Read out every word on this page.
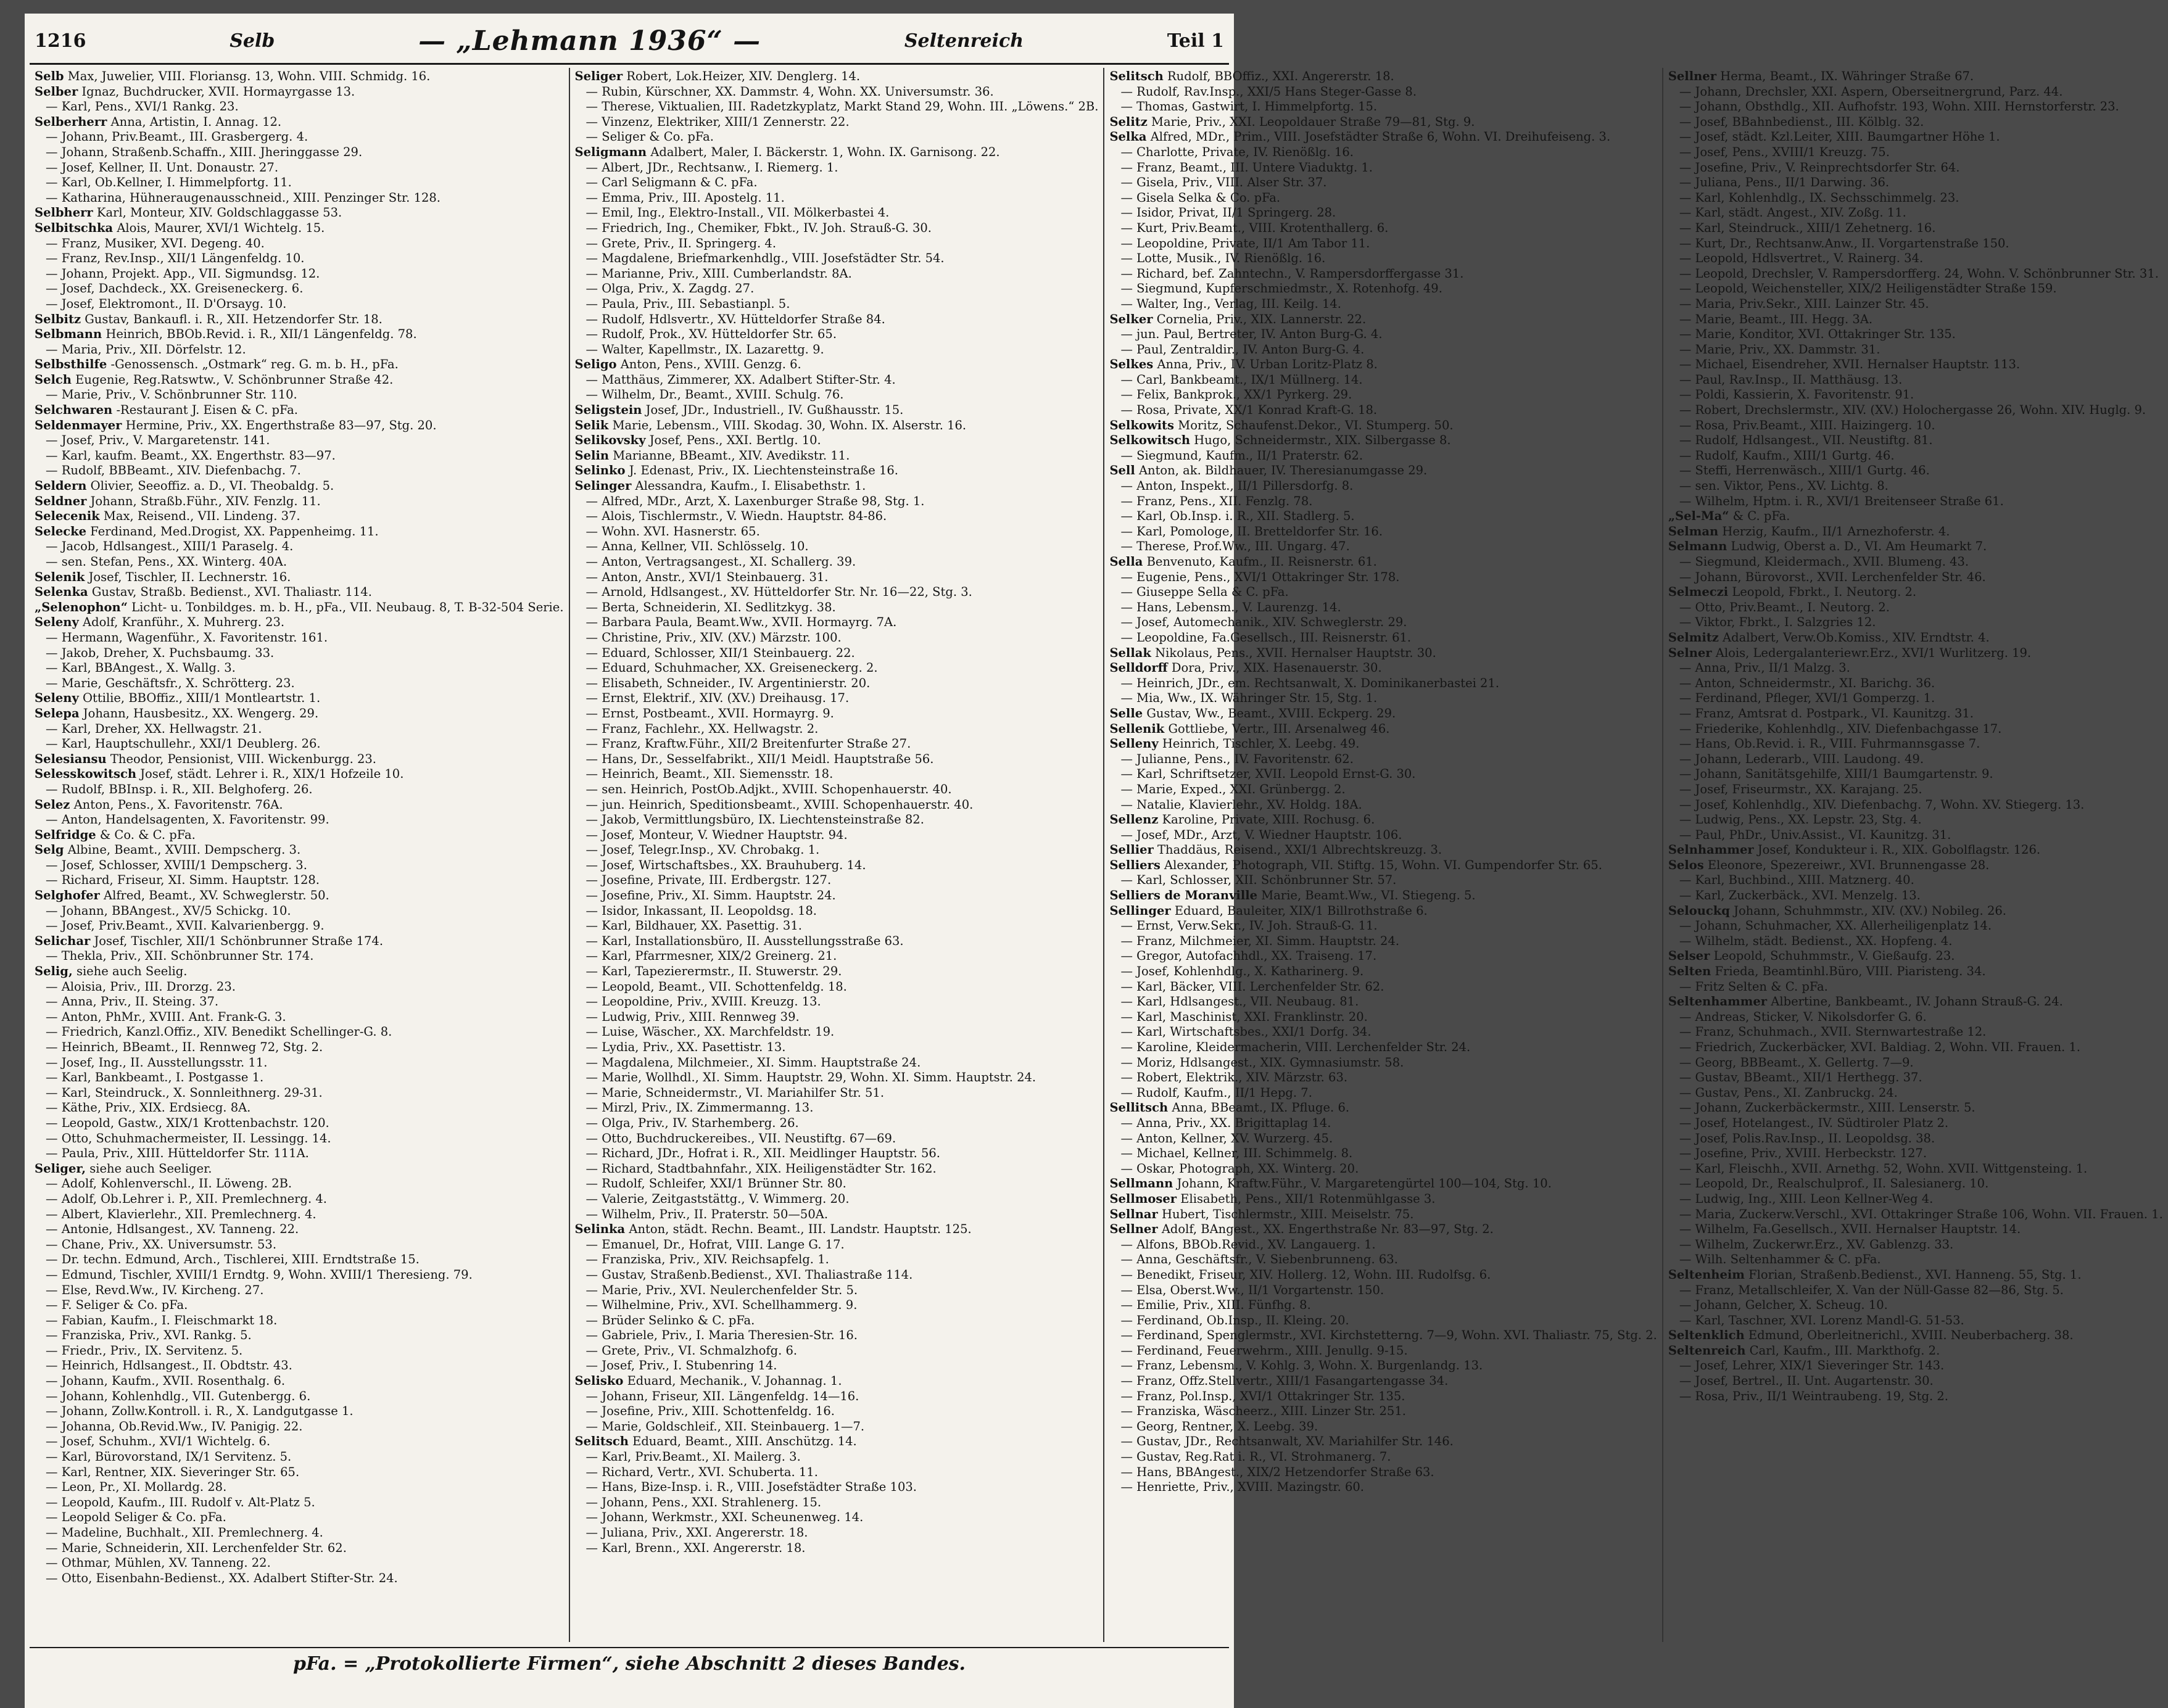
1216	Selb	— „Lehmann 1936“ —	Seltenreich	Teil 1
Selb Max, Juwelier, VIII. Floriansg. 13, Wohn. VIII. Schmidg. 16.
Selber Ignaz, Buchdrucker, XVII. Hormayrgasse 13.
— Karl, Pens., XVI/1 Rankg. 23.
Selberherr Anna, Artistin, I. Annag. 12.
— Johann, Priv.Beamt., III. Grasbergerg. 4.
— Johann, Straßenb.Schaffn., XIII. Jheringgasse 29.
— Josef, Kellner, II. Unt. Donaustr. 27.
— Karl, Ob.Kellner, I. Himmelpfortg. 11.
— Katharina, Hühneraugenausschneid., XIII. Penzinger Str. 128.
Selbherr Karl, Monteur, XIV. Goldschlaggasse 53.
Selbitschka Alois, Maurer, XVI/1 Wichtelg. 15.
— Franz, Musiker, XVI. Degeng. 40.
— Franz, Rev.Insp., XII/1 Längenfeldg. 10.
— Johann, Projekt. App., VII. Sigmundsg. 12.
— Josef, Dachdeck., XX. Greiseneckerg. 6.
— Josef, Elektromont., II. D'Orsayg. 10.
Selbitz Gustav, Bankaufl. i. R., XII. Hetzendorfer Str. 18.
Selbmann Heinrich, BBOb.Revid. i. R., XII/1 Längenfeldg. 78.
— Maria, Priv., XII. Dörfelstr. 12.
Selbsthilfe -Genossensch. „Ostmark“ reg. G. m. b. H., pFa.
Selch Eugenie, Reg.Ratswtw., V. Schönbrunner Straße 42.
— Marie, Priv., V. Schönbrunner Str. 110.
Selchwaren -Restaurant J. Eisen & C. pFa.
Seldenmayer Hermine, Priv., XX. Engerthstraße 83—97, Stg. 20.
— Josef, Priv., V. Margaretenstr. 141.
— Karl, kaufm. Beamt., XX. Engerthstr. 83—97.
— Rudolf, BBBeamt., XIV. Diefenbachg. 7.
Seldern Olivier, Seeoffiz. a. D., VI. Theobaldg. 5.
Seldner Johann, Straßb.Führ., XIV. Fenzlg. 11.
Selecenik Max, Reisend., VII. Lindeng. 37.
Selecke Ferdinand, Med.Drogist, XX. Pappenheimg. 11.
— Jacob, Hdlsangest., XIII/1 Paraselg. 4.
— sen. Stefan, Pens., XX. Winterg. 40A.
Selenik Josef, Tischler, II. Lechnerstr. 16.
Selenka Gustav, Straßb. Bedienst., XVI. Thaliastr. 114.
„Selenophon“ Licht- u. Tonbildges. m. b. H., pFa., VII. Neubaug. 8, T. B-32-504 Serie.
Seleny Adolf, Kranführ., X. Muhrerg. 23.
— Hermann, Wagenführ., X. Favoritenstr. 161.
— Jakob, Dreher, X. Puchsbaumg. 33.
— Karl, BBAngest., X. Wallg. 3.
— Marie, Geschäftsfr., X. Schrötterg. 23.
Seleny Ottilie, BBOffiz., XIII/1 Montleartstr. 1.
Selepa Johann, Hausbesitz., XX. Wengerg. 29.
— Karl, Dreher, XX. Hellwagstr. 21.
— Karl, Hauptschullehr., XXI/1 Deublerg. 26.
Selesiansu Theodor, Pensionist, VIII. Wickenburgg. 23.
Selesskowitsch Josef, städt. Lehrer i. R., XIX/1 Hofzeile 10.
— Rudolf, BBInsp. i. R., XII. Belghoferg. 26.
Selez Anton, Pens., X. Favoritenstr. 76A.
— Anton, Handelsagenten, X. Favoritenstr. 99.
Selfridge & Co. & C. pFa.
Selg Albine, Beamt., XVIII. Dempscherg. 3.
— Josef, Schlosser, XVIII/1 Dempscherg. 3.
— Richard, Friseur, XI. Simm. Hauptstr. 128.
Selghofer Alfred, Beamt., XV. Schweglerstr. 50.
— Johann, BBAngest., XV/5 Schickg. 10.
— Josef, Priv.Beamt., XVII. Kalvarienbergg. 9.
Selichar Josef, Tischler, XII/1 Schönbrunner Straße 174.
— Thekla, Priv., XII. Schönbrunner Str. 174.
Selig, siehe auch Seelig.
— Aloisia, Priv., III. Drorzg. 23.
— Anna, Priv., II. Steing. 37.
— Anton, PhMr., XVIII. Ant. Frank-G. 3.
— Friedrich, Kanzl.Offiz., XIV. Benedikt Schellinger-G. 8.
— Heinrich, BBeamt., II. Rennweg 72, Stg. 2.
— Josef, Ing., II. Ausstellungsstr. 11.
— Karl, Bankbeamt., I. Postgasse 1.
— Karl, Steindruck., X. Sonnleithnerg. 29-31.
— Käthe, Priv., XIX. Erdsiecg. 8A.
— Leopold, Gastw., XIX/1 Krottenbachstr. 120.
— Otto, Schuhmachermeister, II. Lessingg. 14.
— Paula, Priv., XIII. Hütteldorfer Str. 111A.
Seliger, siehe auch Seeliger.
— Adolf, Kohlenverschl., II. Löweng. 2B.
— Adolf, Ob.Lehrer i. P., XII. Premlechnerg. 4.
— Albert, Klavierlehr., XII. Premlechnerg. 4.
— Antonie, Hdlsangest., XV. Tanneng. 22.
— Chane, Priv., XX. Universumstr. 53.
— Dr. techn. Edmund, Arch., Tischlerei, XIII. Erndtstraße 15.
— Edmund, Tischler, XVIII/1 Erndtg. 9, Wohn. XVIII/1 Theresieng. 79.
— Else, Revd.Ww., IV. Kircheng. 27.
— F. Seliger & Co. pFa.
— Fabian, Kaufm., I. Fleischmarkt 18.
— Franziska, Priv., XVI. Rankg. 5.
— Friedr., Priv., IX. Servitenz. 5.
— Heinrich, Hdlsangest., II. Obdtstr. 43.
— Johann, Kaufm., XVII. Rosenthalg. 6.
— Johann, Kohlenhdlg., VII. Gutenbergg. 6.
— Johann, Zollw.Kontroll. i. R., X. Landgutgasse 1.
— Johanna, Ob.Revid.Ww., IV. Panigig. 22.
— Josef, Schuhm., XVI/1 Wichtelg. 6.
— Karl, Bürovorstand, IX/1 Servitenz. 5.
— Karl, Rentner, XIX. Sieveringer Str. 65.
— Leon, Pr., XI. Mollardg. 28.
— Leopold, Kaufm., III. Rudolf v. Alt-Platz 5.
— Leopold Seliger & Co. pFa.
— Madeline, Buchhalt., XII. Premlechnerg. 4.
— Marie, Schneiderin, XII. Lerchenfelder Str. 62.
— Othmar, Mühlen, XV. Tanneng. 22.
— Otto, Eisenbahn-Bedienst., XX. Adalbert Stifter-Str. 24.
Seliger Robert, Lok.Heizer, XIV. Denglerg. 14.
— Rubin, Kürschner, XX. Dammstr. 4, Wohn. XX. Universumstr. 36.
— Therese, Viktualien, III. Radetzkyplatz, Markt Stand 29, Wohn. III. „Löwens.“ 2B.
— Vinzenz, Elektriker, XIII/1 Zennerstr. 22.
— Seliger & Co. pFa.
Seligmann Adalbert, Maler, I. Bäckerstr. 1, Wohn. IX. Garnisong. 22.
— Albert, JDr., Rechtsanw., I. Riemerg. 1.
— Carl Seligmann & C. pFa.
— Emma, Priv., III. Apostelg. 11.
— Emil, Ing., Elektro-Install., VII. Mölkerbastei 4.
— Friedrich, Ing., Chemiker, Fbkt., IV. Joh. Strauß-G. 30.
— Grete, Priv., II. Springerg. 4.
— Magdalene, Briefmarkenhdlg., VIII. Josefstädter Str. 54.
— Marianne, Priv., XIII. Cumberlandstr. 8A.
— Olga, Priv., X. Zagdg. 27.
— Paula, Priv., III. Sebastianpl. 5.
— Rudolf, Hdlsvertr., XV. Hütteldorfer Straße 84.
— Rudolf, Prok., XV. Hütteldorfer Str. 65.
— Walter, Kapellmstr., IX. Lazarettg. 9.
Seligo Anton, Pens., XVIII. Genzg. 6.
— Matthäus, Zimmerer, XX. Adalbert Stifter-Str. 4.
— Wilhelm, Dr., Beamt., XVIII. Schulg. 76.
Seligstein Josef, JDr., Industriell., IV. Gußhausstr. 15.
Selik Marie, Lebensm., VIII. Skodag. 30, Wohn. IX. Alserstr. 16.
Selikovsky Josef, Pens., XXI. Bertlg. 10.
Selin Marianne, BBeamt., XIV. Avedikstr. 11.
Selinko J. Edenast, Priv., IX. Liechtensteinstraße 16.
Selinger Alessandra, Kaufm., I. Elisabethstr. 1.
— Alfred, MDr., Arzt, X. Laxenburger Straße 98, Stg. 1.
— Alois, Tischlermstr., V. Wiedn. Hauptstr. 84-86.
— Wohn. XVI. Hasnerstr. 65.
— Anna, Kellner, VII. Schlösselg. 10.
— Anton, Vertragsangest., XI. Schallerg. 39.
— Anton, Anstr., XVI/1 Steinbauerg. 31.
— Arnold, Hdlsangest., XV. Hütteldorfer Str. Nr. 16—22, Stg. 3.
— Berta, Schneiderin, XI. Sedlitzkyg. 38.
— Barbara Paula, Beamt.Ww., XVII. Hormayrg. 7A.
— Christine, Priv., XIV. (XV.) Märzstr. 100.
— Eduard, Schlosser, XII/1 Steinbauerg. 22.
— Eduard, Schuhmacher, XX. Greiseneckerg. 2.
— Elisabeth, Schneider., IV. Argentinierstr. 20.
— Ernst, Elektrif., XIV. (XV.) Dreihausg. 17.
— Ernst, Postbeamt., XVII. Hormayrg. 9.
— Franz, Fachlehr., XX. Hellwagstr. 2.
— Franz, Kraftw.Führ., XII/2 Breitenfurter Straße 27.
— Hans, Dr., Sesselfabrikt., XII/1 Meidl. Hauptstraße 56.
— Heinrich, Beamt., XII. Siemensstr. 18.
— sen. Heinrich, PostOb.Adjkt., XVIII. Schopenhauerstr. 40.
— jun. Heinrich, Speditionsbeamt., XVIII. Schopenhauerstr. 40.
— Jakob, Vermittlungsbüro, IX. Liechtensteinstraße 82.
— Josef, Monteur, V. Wiedner Hauptstr. 94.
— Josef, Telegr.Insp., XV. Chrobakg. 1.
— Josef, Wirtschaftsbes., XX. Brauhuberg. 14.
— Josefine, Private, III. Erdbergstr. 127.
— Josefine, Priv., XI. Simm. Hauptstr. 24.
— Isidor, Inkassant, II. Leopoldsg. 18.
— Karl, Bildhauer, XX. Pasettig. 31.
— Karl, Installationsbüro, II. Ausstellungsstraße 63.
— Karl, Pfarrmesner, XIX/2 Greinerg. 21.
— Karl, Tapezierermstr., II. Stuwerstr. 29.
— Leopold, Beamt., VII. Schottenfeldg. 18.
— Leopoldine, Priv., XVIII. Kreuzg. 13.
— Ludwig, Priv., XIII. Rennweg 39.
— Luise, Wäscher., XX. Marchfeldstr. 19.
— Lydia, Priv., XX. Pasettistr. 13.
— Magdalena, Milchmeier., XI. Simm. Hauptstraße 24.
— Marie, Wollhdl., XI. Simm. Hauptstr. 29, Wohn. XI. Simm. Hauptstr. 24.
— Marie, Schneidermstr., VI. Mariahilfer Str. 51.
— Mirzl, Priv., IX. Zimmermanng. 13.
— Olga, Priv., IV. Starhemberg. 26.
— Otto, Buchdruckereibes., VII. Neustiftg. 67—69.
— Richard, JDr., Hofrat i. R., XII. Meidlinger Hauptstr. 56.
— Richard, Stadtbahnfahr., XIX. Heiligenstädter Str. 162.
— Rudolf, Schleifer, XXI/1 Brünner Str. 80.
— Valerie, Zeitgaststättg., V. Wimmerg. 20.
— Wilhelm, Priv., II. Praterstr. 50—50A.
Selinka Anton, städt. Rechn. Beamt., III. Landstr. Hauptstr. 125.
— Emanuel, Dr., Hofrat, VIII. Lange G. 17.
— Franziska, Priv., XIV. Reichsapfelg. 1.
— Gustav, Straßenb.Bedienst., XVI. Thaliastraße 114.
— Marie, Priv., XVI. Neulerchenfelder Str. 5.
— Wilhelmine, Priv., XVI. Schellhammerg. 9.
— Brüder Selinko & C. pFa.
— Gabriele, Priv., I. Maria Theresien-Str. 16.
— Grete, Priv., VI. Schmalzhofg. 6.
— Josef, Priv., I. Stubenring 14.
Selisko Eduard, Mechanik., V. Johannag. 1.
— Johann, Friseur, XII. Längenfeldg. 14—16.
— Josefine, Priv., XIII. Schottenfeldg. 16.
— Marie, Goldschleif., XII. Steinbauerg. 1—7.
Selitsch Eduard, Beamt., XIII. Anschützg. 14.
— Karl, Priv.Beamt., XI. Mailerg. 3.
— Richard, Vertr., XVI. Schuberta. 11.
— Hans, Bize-Insp. i. R., VIII. Josefstädter Straße 103.
— Johann, Pens., XXI. Strahlenerg. 15.
— Johann, Werkmstr., XXI. Scheunenweg. 14.
— Juliana, Priv., XXI. Angererstr. 18.
— Karl, Brenn., XXI. Angererstr. 18.
Selitsch Rudolf, BBOffiz., XXI. Angererstr. 18.
— Rudolf, Rav.Insp., XXI/5 Hans Steger-Gasse 8.
— Thomas, Gastwirt, I. Himmelpfortg. 15.
Selitz Marie, Priv., XXI. Leopoldauer Straße 79—81, Stg. 9.
Selka Alfred, MDr., Prim., VIII. Josefstädter Straße 6, Wohn. VI. Dreihufeiseng. 3.
— Charlotte, Private, IV. Rienößlg. 16.
— Franz, Beamt., III. Untere Viaduktg. 1.
— Gisela, Priv., VIII. Alser Str. 37.
— Gisela Selka & Co. pFa.
— Isidor, Privat, II/1 Springerg. 28.
— Kurt, Priv.Beamt., VIII. Krotenthallerg. 6.
— Leopoldine, Private, II/1 Am Tabor 11.
— Lotte, Musik., IV. Rienößlg. 16.
— Richard, bef. Zahntechn., V. Rampersdorffergasse 31.
— Siegmund, Kupferschmiedmstr., X. Rotenhofg. 49.
— Walter, Ing., Verlag, III. Keilg. 14.
Selker Cornelia, Priv., XIX. Lannerstr. 22.
— jun. Paul, Bertreter, IV. Anton Burg-G. 4.
— Paul, Zentraldir., IV. Anton Burg-G. 4.
Selkes Anna, Priv., IV. Urban Loritz-Platz 8.
— Carl, Bankbeamt., IX/1 Müllnerg. 14.
— Felix, Bankprok., XX/1 Pyrkerg. 29.
— Rosa, Private, XX/1 Konrad Kraft-G. 18.
Selkowits Moritz, Schaufenst.Dekor., VI. Stumperg. 50.
Selkowitsch Hugo, Schneidermstr., XIX. Silbergasse 8.
— Siegmund, Kaufm., II/1 Praterstr. 62.
Sell Anton, ak. Bildhauer, IV. Theresianumgasse 29.
— Anton, Inspekt., II/1 Pillersdorfg. 8.
— Franz, Pens., XII. Fenzlg. 78.
— Karl, Ob.Insp. i. R., XII. Stadlerg. 5.
— Karl, Pomologe, II. Bretteldorfer Str. 16.
— Therese, Prof.Ww., III. Ungarg. 47.
Sella Benvenuto, Kaufm., II. Reisnerstr. 61.
— Eugenie, Pens., XVI/1 Ottakringer Str. 178.
— Giuseppe Sella & C. pFa.
— Hans, Lebensm., V. Laurenzg. 14.
— Josef, Automechanik., XIV. Schweglerstr. 29.
— Leopoldine, Fa.Gesellsch., III. Reisnerstr. 61.
Sellak Nikolaus, Pens., XVII. Hernalser Hauptstr. 30.
Selldorff Dora, Priv., XIX. Hasenauerstr. 30.
— Heinrich, JDr., em. Rechtsanwalt, X. Dominikanerbastei 21.
— Mia, Ww., IX. Währinger Str. 15, Stg. 1.
Selle Gustav, Ww., Beamt., XVIII. Eckperg. 29.
Sellenik Gottliebe, Vertr., III. Arsenalweg 46.
Selleny Heinrich, Tischler, X. Leebg. 49.
— Julianne, Pens., IV. Favoritenstr. 62.
— Karl, Schriftsetzer, XVII. Leopold Ernst-G. 30.
— Marie, Exped., XXI. Grünbergg. 2.
— Natalie, Klavierlehr., XV. Holdg. 18A.
Sellenz Karoline, Private, XIII. Rochusg. 6.
— Josef, MDr., Arzt, V. Wiedner Hauptstr. 106.
Sellier Thaddäus, Reisend., XXI/1 Albrechtskreuzg. 3.
Selliers Alexander, Photograph, VII. Stiftg. 15, Wohn. VI. Gumpendorfer Str. 65.
— Karl, Schlosser, XII. Schönbrunner Str. 57.
Selliers de Moranville Marie, Beamt.Ww., VI. Stiegeng. 5.
Sellinger Eduard, Bauleiter, XIX/1 Billrothstraße 6.
— Ernst, Verw.Sekr., IV. Joh. Strauß-G. 11.
— Franz, Milchmeier, XI. Simm. Hauptstr. 24.
— Gregor, Autofachhdl., XX. Traiseng. 17.
— Josef, Kohlenhdlg., X. Katharinerg. 9.
— Karl, Bäcker, VIII. Lerchenfelder Str. 62.
— Karl, Hdlsangest., VII. Neubaug. 81.
— Karl, Maschinist, XXI. Franklinstr. 20.
— Karl, Wirtschaftsbes., XXI/1 Dorfg. 34.
— Karoline, Kleidermacherin, VIII. Lerchenfelder Str. 24.
— Moriz, Hdlsangest., XIX. Gymnasiumstr. 58.
— Robert, Elektrik., XIV. Märzstr. 63.
— Rudolf, Kaufm., II/1 Hepg. 7.
Sellitsch Anna, BBeamt., IX. Pfluge. 6.
— Anna, Priv., XX. Brigittaplag 14.
— Anton, Kellner, XV. Wurzerg. 45.
— Michael, Kellner, III. Schimmelg. 8.
— Oskar, Photograph, XX. Winterg. 20.
Sellmann Johann, Kraftw.Führ., V. Margaretengürtel 100—104, Stg. 10.
Sellmoser Elisabeth, Pens., XII/1 Rotenmühlgasse 3.
Sellnar Hubert, Tischlermstr., XIII. Meiselstr. 75.
Sellner Adolf, BAngest., XX. Engerthstraße Nr. 83—97, Stg. 2.
— Alfons, BBOb.Revid., XV. Langauerg. 1.
— Anna, Geschäftsfr., V. Siebenbrunneng. 63.
— Benedikt, Friseur, XIV. Hollerg. 12, Wohn. III. Rudolfsg. 6.
— Elsa, Oberst.Ww., II/1 Vorgartenstr. 150.
— Emilie, Priv., XIII. Fünfhg. 8.
— Ferdinand, Ob.Insp., II. Kleing. 20.
— Ferdinand, Spenglermstr., XVI. Kirchstetterng. 7—9, Wohn. XVI. Thaliastr. 75, Stg. 2.
— Ferdinand, Feuerwehrm., XIII. Jenullg. 9-15.
— Franz, Lebensm., V. Kohlg. 3, Wohn. X. Burgenlandg. 13.
— Franz, Offz.Stellvertr., XIII/1 Fasangartengasse 34.
— Franz, Pol.Insp., XVI/1 Ottakringer Str. 135.
— Franziska, Wäscheerz., XIII. Linzer Str. 251.
— Georg, Rentner, X. Leebg. 39.
— Gustav, JDr., Rechtsanwalt, XV. Mariahilfer Str. 146.
— Gustav, Reg.Rat i. R., VI. Strohmanerg. 7.
— Hans, BBAngest., XIX/2 Hetzendorfer Straße 63.
— Henriette, Priv., XVIII. Mazingstr. 60.
Sellner Herma, Beamt., IX. Währinger Straße 67.
— Johann, Drechsler, XXI. Aspern, Oberseitnergrund, Parz. 44.
— Johann, Obsthdlg., XII. Aufhofstr. 193, Wohn. XIII. Hernstorferstr. 23.
— Josef, BBahnbedienst., III. Kölblg. 32.
— Josef, städt. Kzl.Leiter, XIII. Baumgartner Höhe 1.
— Josef, Pens., XVIII/1 Kreuzg. 75.
— Josefine, Priv., V. Reinprechtsdorfer Str. 64.
— Juliana, Pens., II/1 Darwing. 36.
— Karl, Kohlenhdlg., IX. Sechsschimmelg. 23.
— Karl, städt. Angest., XIV. Zoßg. 11.
— Karl, Steindruck., XIII/1 Zehetnerg. 16.
— Kurt, Dr., Rechtsanw.Anw., II. Vorgartenstraße 150.
— Leopold, Hdlsvertret., V. Rainerg. 34.
— Leopold, Drechsler, V. Rampersdorfferg. 24, Wohn. V. Schönbrunner Str. 31.
— Leopold, Weichensteller, XIX/2 Heiligenstädter Straße 159.
— Maria, Priv.Sekr., XIII. Lainzer Str. 45.
— Marie, Beamt., III. Hegg. 3A.
— Marie, Konditor, XVI. Ottakringer Str. 135.
— Marie, Priv., XX. Dammstr. 31.
— Michael, Eisendreher, XVII. Hernalser Hauptstr. 113.
— Paul, Rav.Insp., II. Matthäusg. 13.
— Poldi, Kassierin, X. Favoritenstr. 91.
— Robert, Drechslermstr., XIV. (XV.) Holochergasse 26, Wohn. XIV. Huglg. 9.
— Rosa, Priv.Beamt., XIII. Haizingerg. 10.
— Rudolf, Hdlsangest., VII. Neustiftg. 81.
— Rudolf, Kaufm., XIII/1 Gurtg. 46.
— Steffi, Herrenwäsch., XIII/1 Gurtg. 46.
— sen. Viktor, Pens., XV. Lichtg. 8.
— Wilhelm, Hptm. i. R., XVI/1 Breitenseer Straße 61.
„Sel-Ma“ & C. pFa.
Selman Herzig, Kaufm., II/1 Arnezhoferstr. 4.
Selmann Ludwig, Oberst a. D., VI. Am Heumarkt 7.
— Siegmund, Kleidermach., XVII. Blumeng. 43.
— Johann, Bürovorst., XVII. Lerchenfelder Str. 46.
Selmeczi Leopold, Fbrkt., I. Neutorg. 2.
— Otto, Priv.Beamt., I. Neutorg. 2.
— Viktor, Fbrkt., I. Salzgries 12.
Selmitz Adalbert, Verw.Ob.Komiss., XIV. Erndtstr. 4.
Selner Alois, Ledergalanteriewr.Erz., XVI/1 Wurlitzerg. 19.
— Anna, Priv., II/1 Malzg. 3.
— Anton, Schneidermstr., XI. Barichg. 36.
— Ferdinand, Pfleger, XVI/1 Gomperzg. 1.
— Franz, Amtsrat d. Postpark., VI. Kaunitzg. 31.
— Friederike, Kohlenhdlg., XIV. Diefenbachgasse 17.
— Hans, Ob.Revid. i. R., VIII. Fuhrmannsgasse 7.
— Johann, Lederarb., VIII. Laudong. 49.
— Johann, Sanitätsgehilfe, XIII/1 Baumgartenstr. 9.
— Josef, Friseurmstr., XX. Karajang. 25.
— Josef, Kohlenhdlg., XIV. Diefenbachg. 7, Wohn. XV. Stiegerg. 13.
— Ludwig, Pens., XX. Lepstr. 23, Stg. 4.
— Paul, PhDr., Univ.Assist., VI. Kaunitzg. 31.
Selnhammer Josef, Kondukteur i. R., XIX. Gobolflagstr. 126.
Selos Eleonore, Spezereiwr., XVI. Brunnengasse 28.
— Karl, Buchbind., XIII. Matznerg. 40.
— Karl, Zuckerbäck., XVI. Menzelg. 13.
Selouckq Johann, Schuhmmstr., XIV. (XV.) Nobileg. 26.
— Johann, Schuhmacher, XX. Allerheiligenplatz 14.
— Wilhelm, städt. Bedienst., XX. Hopfeng. 4.
Selser Leopold, Schuhmmstr., V. Gießaufg. 23.
Selten Frieda, Beamtinhl.Büro, VIII. Piaristeng. 34.
— Fritz Selten & C. pFa.
Seltenhammer Albertine, Bankbeamt., IV. Johann Strauß-G. 24.
— Andreas, Sticker, V. Nikolsdorfer G. 6.
— Franz, Schuhmach., XVII. Sternwartestraße 12.
— Friedrich, Zuckerbäcker, XVI. Baldiag. 2, Wohn. VII. Frauen. 1.
— Georg, BBBeamt., X. Gellertg. 7—9.
— Gustav, BBeamt., XII/1 Herthegg. 37.
— Gustav, Pens., XI. Zanbruckg. 24.
— Johann, Zuckerbäckermstr., XIII. Lenserstr. 5.
— Josef, Hotelangest., IV. Südtiroler Platz 2.
— Josef, Polis.Rav.Insp., II. Leopoldsg. 38.
— Josefine, Priv., XVIII. Herbeckstr. 127.
— Karl, Fleischh., XVII. Arnethg. 52, Wohn. XVII. Wittgensteing. 1.
— Leopold, Dr., Realschulprof., II. Salesianerg. 10.
— Ludwig, Ing., XIII. Leon Kellner-Weg 4.
— Maria, Zuckerw.Verschl., XVI. Ottakringer Straße 106, Wohn. VII. Frauen. 1.
— Wilhelm, Fa.Gesellsch., XVII. Hernalser Hauptstr. 14.
— Wilhelm, Zuckerwr.Erz., XV. Gablenzg. 33.
— Wilh. Seltenhammer & C. pFa.
Seltenheim Florian, Straßenb.Bedienst., XVI. Hanneng. 55, Stg. 1.
— Franz, Metallschleifer, X. Van der Nüll-Gasse 82—86, Stg. 5.
— Johann, Gelcher, X. Scheug. 10.
— Karl, Taschner, XVI. Lorenz Mandl-G. 51-53.
Seltenklich Edmund, Oberleitnerichl., XVIII. Neuberbacherg. 38.
Seltenreich Carl, Kaufm., III. Markthofg. 2.
— Josef, Lehrer, XIX/1 Sieveringer Str. 143.
— Josef, Bertrel., II. Unt. Augartenstr. 30.
— Rosa, Priv., II/1 Weintraubeng. 19, Stg. 2.
pFa. = „Protokollierte Firmen“, siehe Abschnitt 2 dieses Bandes.
